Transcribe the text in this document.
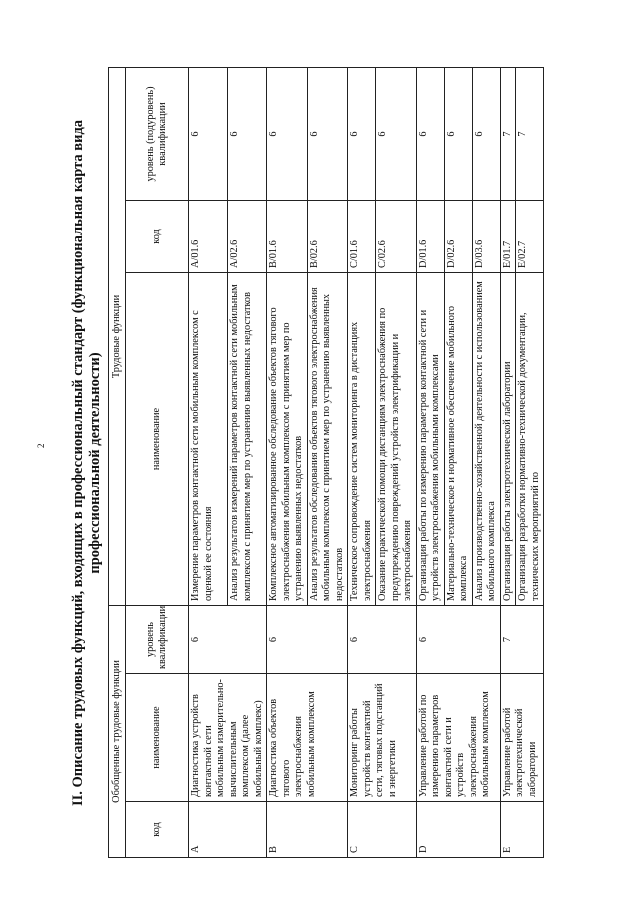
2 II. Описание трудовых функций, входящих в профессиональный стандарт (функциональная карта вида профессиональной деятельности)
Обобщенные трудовые функции			Трудовые функции		
код	наименование	уровень квалификации	наименование	код	уровень (подуровень) квалификации
A	Диагностика устройств контактной сети мобильным измерительно-вычислительным комплексом (далее мобильный комплекс)	6	Измерение параметров контактной сети мобильным комплексом с оценкой ее состояния	A/01.6	6
			Анализ результатов измерений параметров контактной сети мобильным комплексом с принятием мер по устранению выявленных недостатков	A/02.6	6
B	Диагностика объектов тягового электроснабжения мобильным комплексом	6	Комплексное автоматизированное обследование объектов тягового электроснабжения мобильным комплексом с принятием мер по устранению выявленных недостатков	B/01.6	6
			Анализ результатов обследования объектов тягового электроснабжения мобильным комплексом с принятием мер по устранению выявленных недостатков	B/02.6	6
C	Мониторинг работы устройств контактной сети, тяговых подстанций и энергетики	6	Техническое сопровождение систем мониторинга в дистанциях электроснабжения	C/01.6	6
			Оказание практической помощи дистанциям электроснабжения по предупреждению повреждений устройств электрификации и электроснабжения	C/02.6	6
D	Управление работой по измерению параметров контактной сети и устройств электроснабжения мобильным комплексом	6	Организация работы по измерению параметров контактной сети и устройств электроснабжения мобильными комплексами	D/01.6	6
			Материально-техническое и нормативное обеспечение мобильного комплекса	D/02.6	6
			Анализ производственно-хозяйственной деятельности с использованием мобильного комплекса	D/03.6	6
E	Управление работой электротехнической лаборатории	7	Организация работы электротехнической лаборатории	E/01.7	7
			Организация разработки нормативно-технической документации, технических мероприятий по	E/02.7	7
